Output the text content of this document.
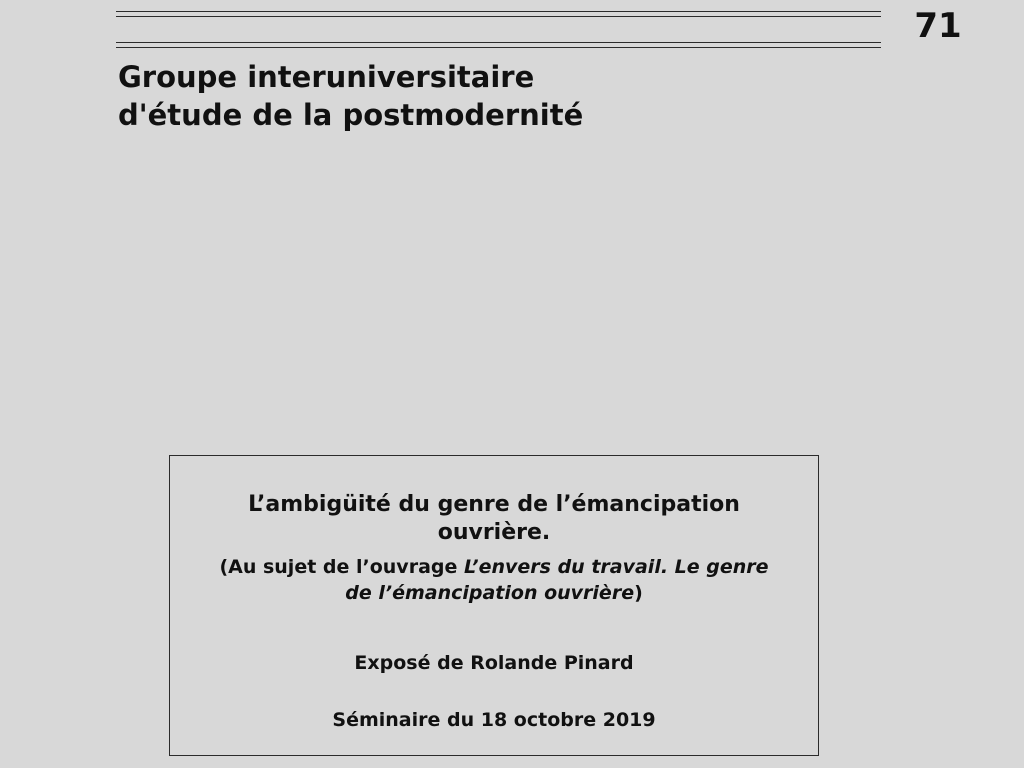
71
Groupe interuniversitaire
d'étude de la postmodernité
L’ambigüité du genre de l’émancipation
ouvrière.
(Au sujet de l’ouvrage L’envers du travail. Le genre
de l’émancipation ouvrière)
Exposé de Rolande Pinard
Séminaire du 18 octobre 2019
